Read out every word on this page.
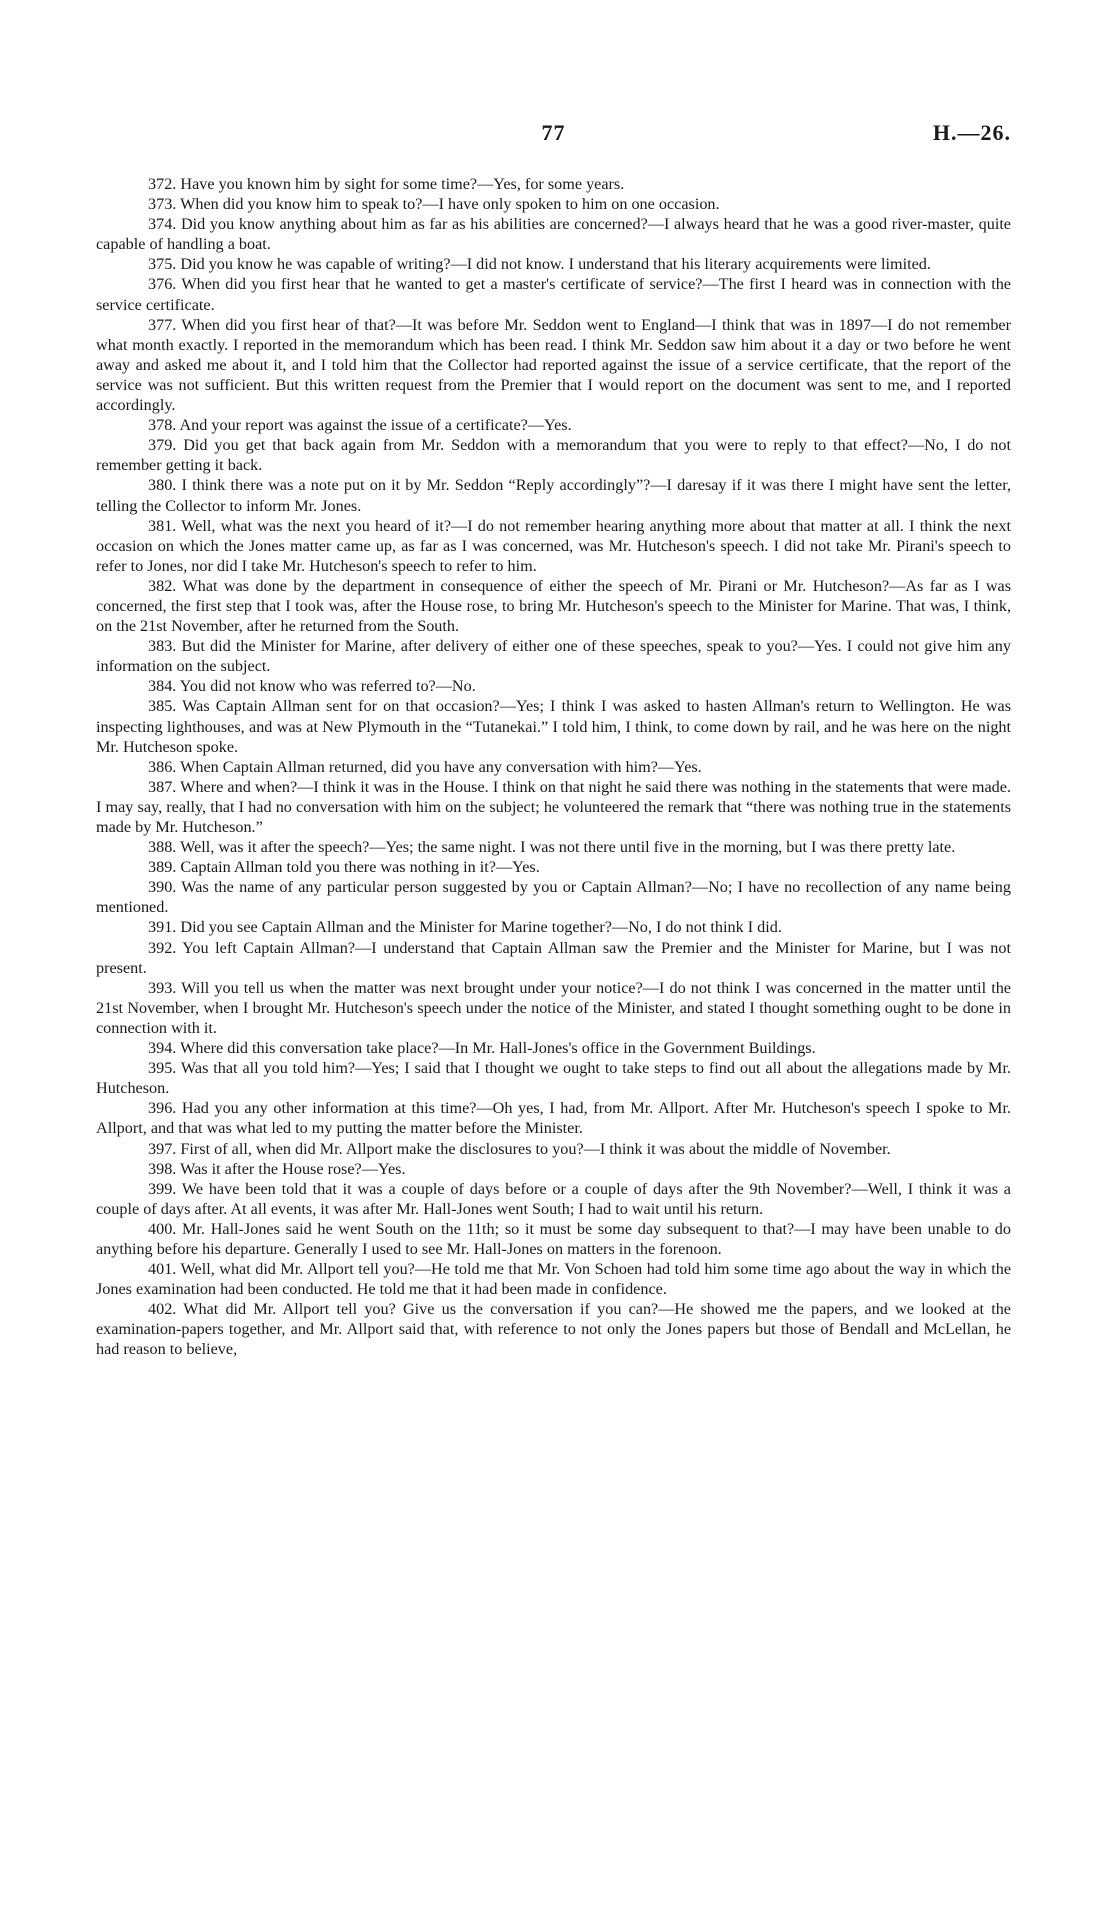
77	H.—26.

372. Have you known him by sight for some time?—Yes, for some years.

373. When did you know him to speak to?—I have only spoken to him on one occasion.

374. Did you know anything about him as far as his abilities are concerned?—I always heard that he was a good river-master, quite capable of handling a boat.

375. Did you know he was capable of writing?—I did not know. I understand that his literary acquirements were limited.

376. When did you first hear that he wanted to get a master's certificate of service?—The first I heard was in connection with the service certificate.

377. When did you first hear of that?—It was before Mr. Seddon went to England—I think that was in 1897—I do not remember what month exactly. I reported in the memorandum which has been read. I think Mr. Seddon saw him about it a day or two before he went away and asked me about it, and I told him that the Collector had reported against the issue of a service certificate, that the report of the service was not sufficient. But this written request from the Premier that I would report on the document was sent to me, and I reported accordingly.

378. And your report was against the issue of a certificate?—Yes.

379. Did you get that back again from Mr. Seddon with a memorandum that you were to reply to that effect?—No, I do not remember getting it back.

380. I think there was a note put on it by Mr. Seddon “Reply accordingly”?—I daresay if it was there I might have sent the letter, telling the Collector to inform Mr. Jones.

381. Well, what was the next you heard of it?—I do not remember hearing anything more about that matter at all. I think the next occasion on which the Jones matter came up, as far as I was concerned, was Mr. Hutcheson's speech. I did not take Mr. Pirani's speech to refer to Jones, nor did I take Mr. Hutcheson's speech to refer to him.

382. What was done by the department in consequence of either the speech of Mr. Pirani or Mr. Hutcheson?—As far as I was concerned, the first step that I took was, after the House rose, to bring Mr. Hutcheson's speech to the Minister for Marine. That was, I think, on the 21st November, after he returned from the South.

383. But did the Minister for Marine, after delivery of either one of these speeches, speak to you?—Yes. I could not give him any information on the subject.

384. You did not know who was referred to?—No.

385. Was Captain Allman sent for on that occasion?—Yes; I think I was asked to hasten Allman's return to Wellington. He was inspecting lighthouses, and was at New Plymouth in the “Tutanekai.” I told him, I think, to come down by rail, and he was here on the night Mr. Hutcheson spoke.

386. When Captain Allman returned, did you have any conversation with him?—Yes.

387. Where and when?—I think it was in the House. I think on that night he said there was nothing in the statements that were made. I may say, really, that I had no conversation with him on the subject; he volunteered the remark that “there was nothing true in the statements made by Mr. Hutcheson.”

388. Well, was it after the speech?—Yes; the same night. I was not there until five in the morning, but I was there pretty late.

389. Captain Allman told you there was nothing in it?—Yes.

390. Was the name of any particular person suggested by you or Captain Allman?—No; I have no recollection of any name being mentioned.

391. Did you see Captain Allman and the Minister for Marine together?—No, I do not think I did.

392. You left Captain Allman?—I understand that Captain Allman saw the Premier and the Minister for Marine, but I was not present.

393. Will you tell us when the matter was next brought under your notice?—I do not think I was concerned in the matter until the 21st November, when I brought Mr. Hutcheson's speech under the notice of the Minister, and stated I thought something ought to be done in connection with it.

394. Where did this conversation take place?—In Mr. Hall-Jones's office in the Government Buildings.

395. Was that all you told him?—Yes; I said that I thought we ought to take steps to find out all about the allegations made by Mr. Hutcheson.

396. Had you any other information at this time?—Oh yes, I had, from Mr. Allport. After Mr. Hutcheson's speech I spoke to Mr. Allport, and that was what led to my putting the matter before the Minister.

397. First of all, when did Mr. Allport make the disclosures to you?—I think it was about the middle of November.

398. Was it after the House rose?—Yes.

399. We have been told that it was a couple of days before or a couple of days after the 9th November?—Well, I think it was a couple of days after. At all events, it was after Mr. Hall-Jones went South; I had to wait until his return.

400. Mr. Hall-Jones said he went South on the 11th; so it must be some day subsequent to that?—I may have been unable to do anything before his departure. Generally I used to see Mr. Hall-Jones on matters in the forenoon.

401. Well, what did Mr. Allport tell you?—He told me that Mr. Von Schoen had told him some time ago about the way in which the Jones examination had been conducted. He told me that it had been made in confidence.

402. What did Mr. Allport tell you? Give us the conversation if you can?—He showed me the papers, and we looked at the examination-papers together, and Mr. Allport said that, with reference to not only the Jones papers but those of Bendall and McLellan, he had reason to believe,
